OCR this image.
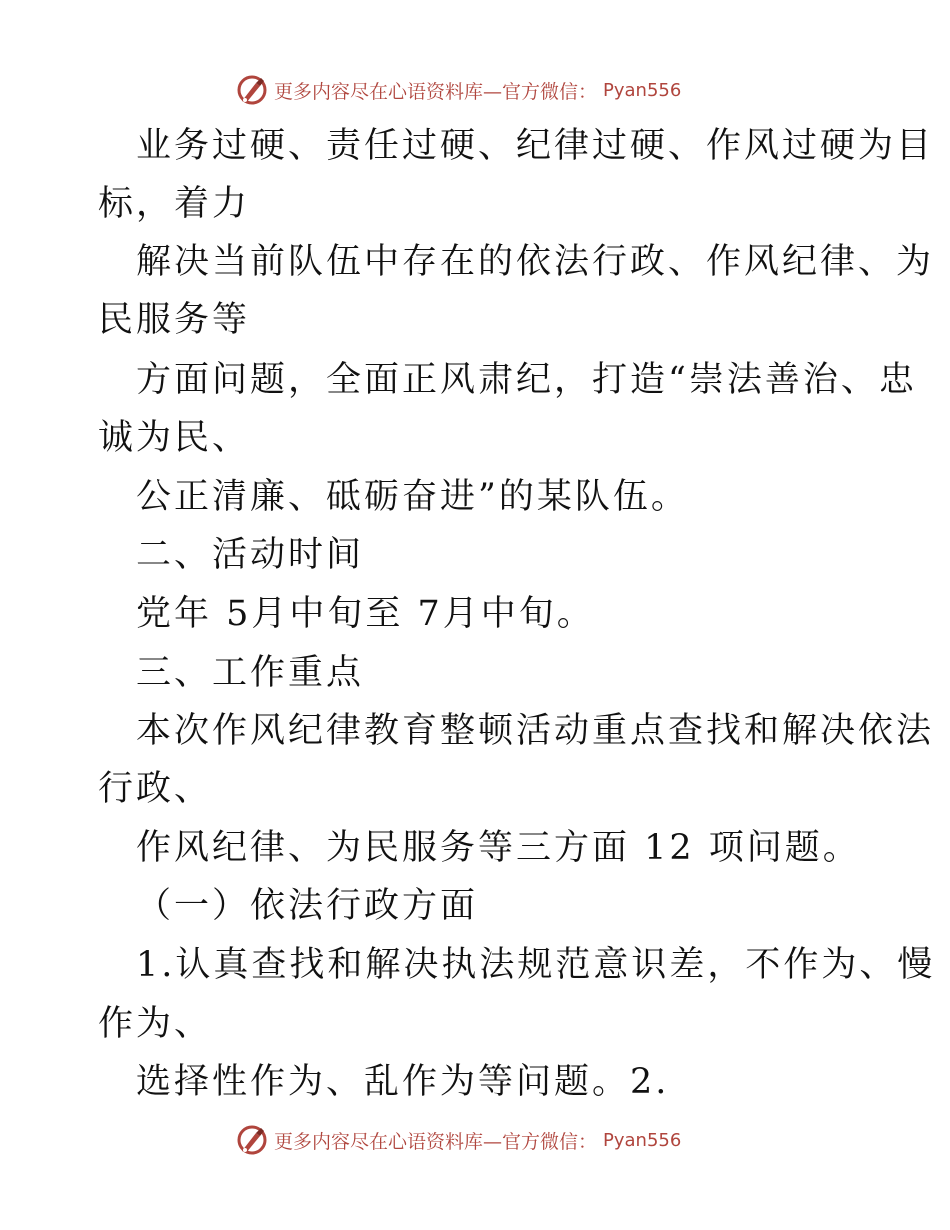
更多内容尽在心语资料库—官方微信： Pyan556
业务过硬、责任过硬、纪律过硬、作风过硬为目
标，着力
解决当前队伍中存在的依法行政、作风纪律、为
民服务等
方面问题，全面正风肃纪，打造“崇法善治、忠
诚为民、
公正清廉、砥砺奋进”的某队伍。
二、活动时间
党年 5月中旬至 7月中旬。
三、工作重点
本次作风纪律教育整顿活动重点查找和解决依法
行政、
作风纪律、为民服务等三方面 12 项问题。
（一）依法行政方面
1.认真查找和解决执法规范意识差，不作为、慢
作为、
选择性作为、乱作为等问题。2.
更多内容尽在心语资料库—官方微信： Pyan556
